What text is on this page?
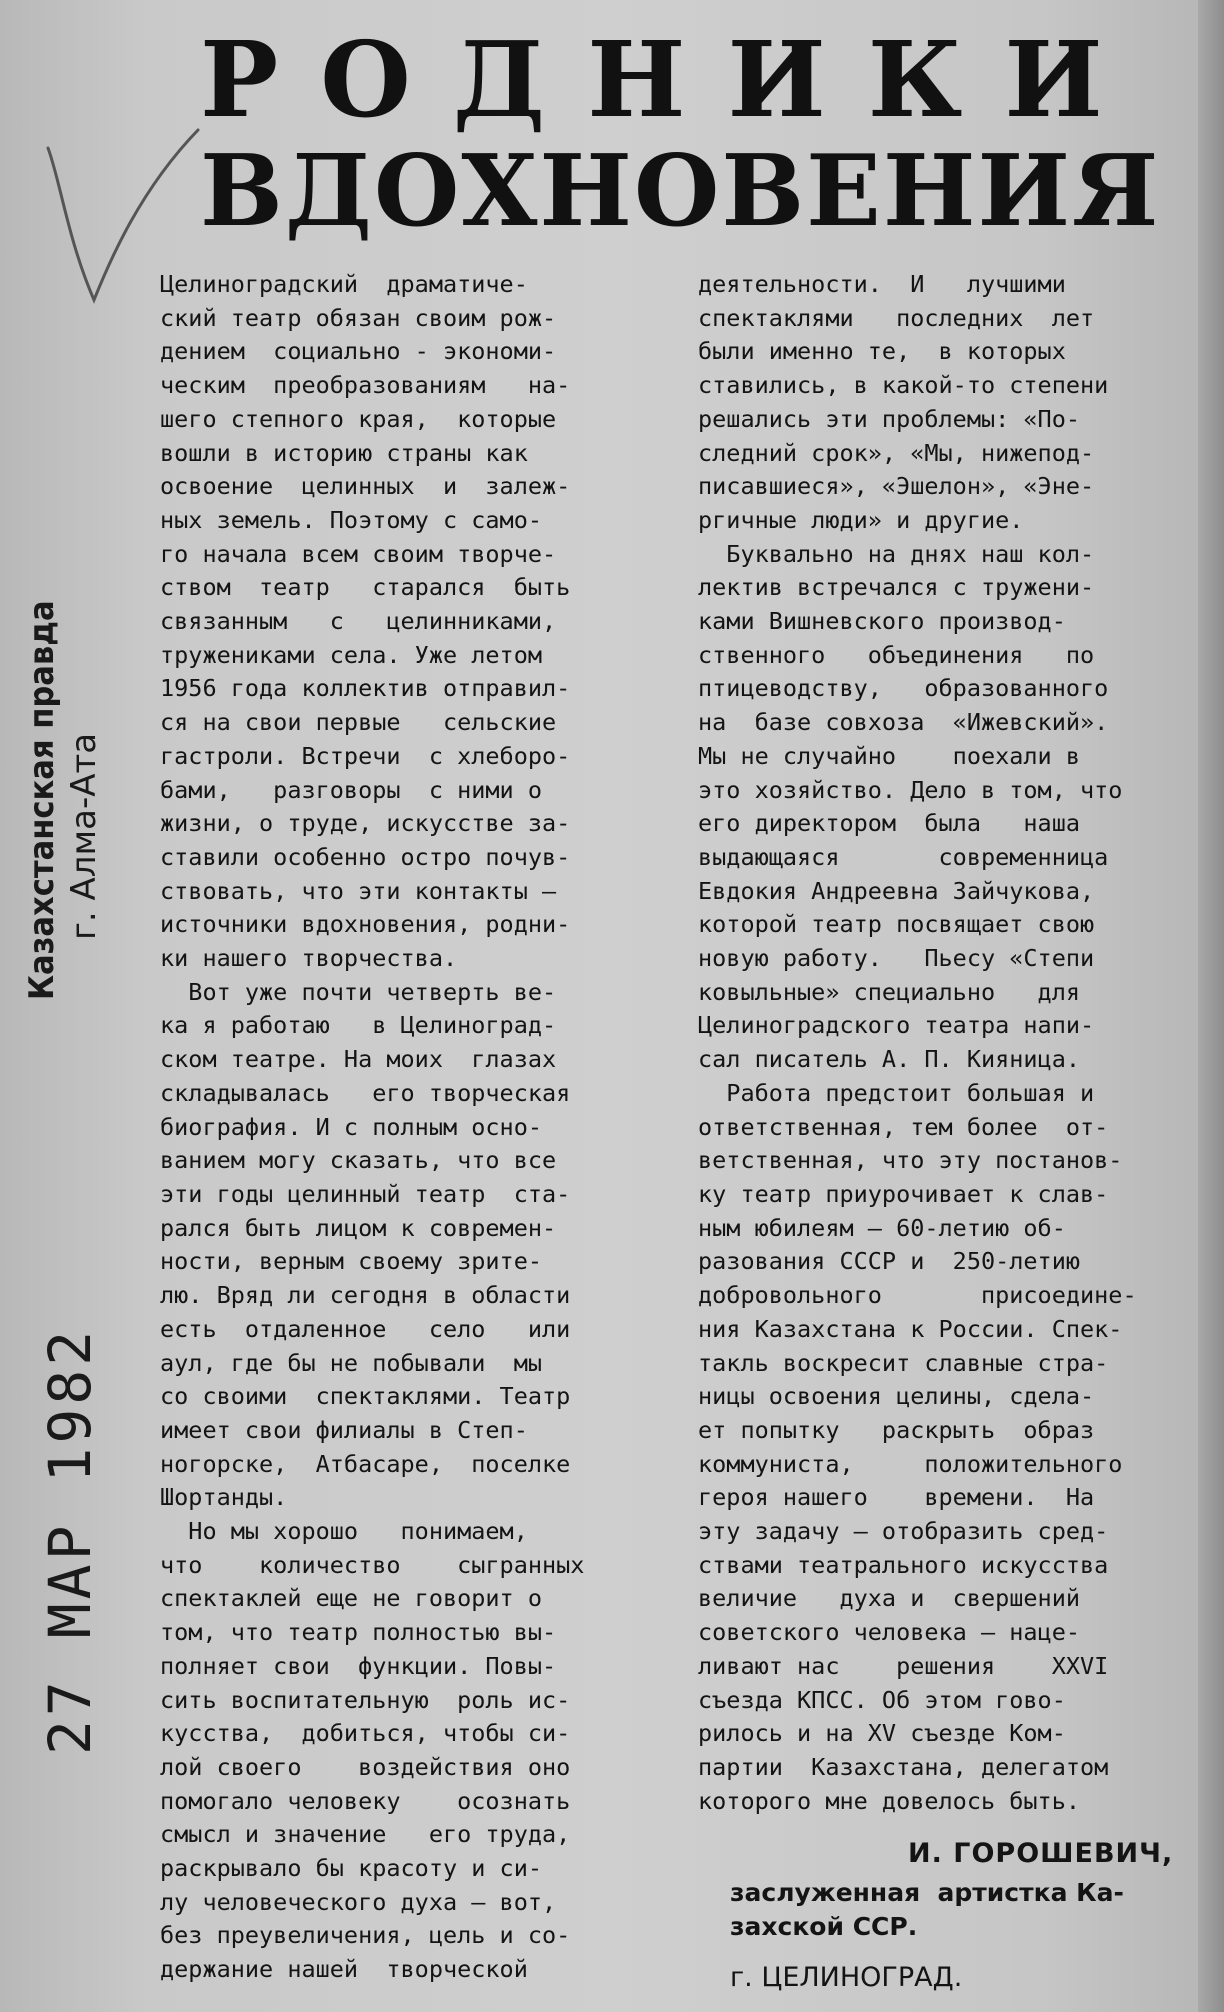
РОДНИКИ
ВДОХНОВЕНИЯ
27 МАР 1982

Целиноградский  драматиче-

ский театр обязан своим рож-

дением  социально - экономи-

ческим  преобразованиям   на-

шего степного края,  которые

вошли в историю страны как

освоение  целинных  и  залеж-

ных земель. Поэтому с само-

го начала всем своим творче-

ством  театр   старался  быть

связанным   с   целинниками,

тружениками села. Уже летом

1956 года коллектив отправил-

ся на свои первые   сельские

гастроли. Встречи  с хлеборо-

бами,   разговоры  с ними о

жизни, о труде, искусстве за-

ставили особенно остро почув-

ствовать, что эти контакты —

источники вдохновения, родни-

ки нашего творчества.

Вот уже почти четверть ве-

ка я работаю   в Целиноград-

ском театре. На моих  глазах

складывалась   его творческая

биография. И с полным осно-

ванием могу сказать, что все

эти годы целинный театр  ста-

рался быть лицом к современ-

ности, верным своему зрите-

лю. Вряд ли сегодня в области

есть  отдаленное   село   или

аул, где бы не побывали  мы

со своими  спектаклями. Театр

имеет свои филиалы в Степ-

ногорске,  Атбасаре,  поселке

Шортанды.

Но мы хорошо   понимаем,

что    количество    сыгранных

спектаклей еще не говорит о

том, что театр полностью вы-

полняет свои  функции. Повы-

сить воспитательную  роль ис-

кусства,  добиться, чтобы си-

лой своего    воздействия оно

помогало человеку    осознать

смысл и значение   его труда,

раскрывало бы красоту и си-

лу человеческого духа — вот,

без преувеличения, цель и со-

держание нашей  творческой

деятельности.  И   лучшими

спектаклями   последних  лет

были именно те,  в которых

ставились, в какой-то степени

решались эти проблемы: «По-

следний срок», «Мы, нижепод-

писавшиеся», «Эшелон», «Эне-

ргичные люди» и другие.

Буквально на днях наш кол-

лектив встречался с тружени-

ками Вишневского производ-

ственного   объединения   по

птицеводству,   образованного

на  базе совхоза  «Ижевский».

Мы не случайно    поехали в

это хозяйство. Дело в том, что

его директором  была   наша

выдающаяся       современница

Евдокия Андреевна Зайчукова,

которой театр посвящает свою

новую работу.   Пьесу «Степи

ковыльные» специально   для

Целиноградского театра напи-

сал писатель А. П. Кияница.

Работа предстоит большая и

ответственная, тем более  от-

ветственная, что эту постанов-

ку театр приурочивает к слав-

ным юбилеям — 60-летию об-

разования СССР и  250-летию

добровольного       присоедине-

ния Казахстана к России. Спек-

такль воскресит славные стра-

ницы освоения целины, сдела-

ет попытку   раскрыть  образ

коммуниста,     положительного

героя нашего    времени.  На

эту задачу — отобразить сред-

ствами театрального искусства

величие   духа и  свершений

советского человека — наце-

ливают нас    решения    XXVI

съезда КПСС. Об этом гово-

рилось и на XV съезде Ком-

партии  Казахстана, делегатом

которого мне довелось быть.

И. ГОРОШЕВИЧ,
заслуженная  артистка Ка-
захской ССР.
г. ЦЕЛИНОГРАД.
